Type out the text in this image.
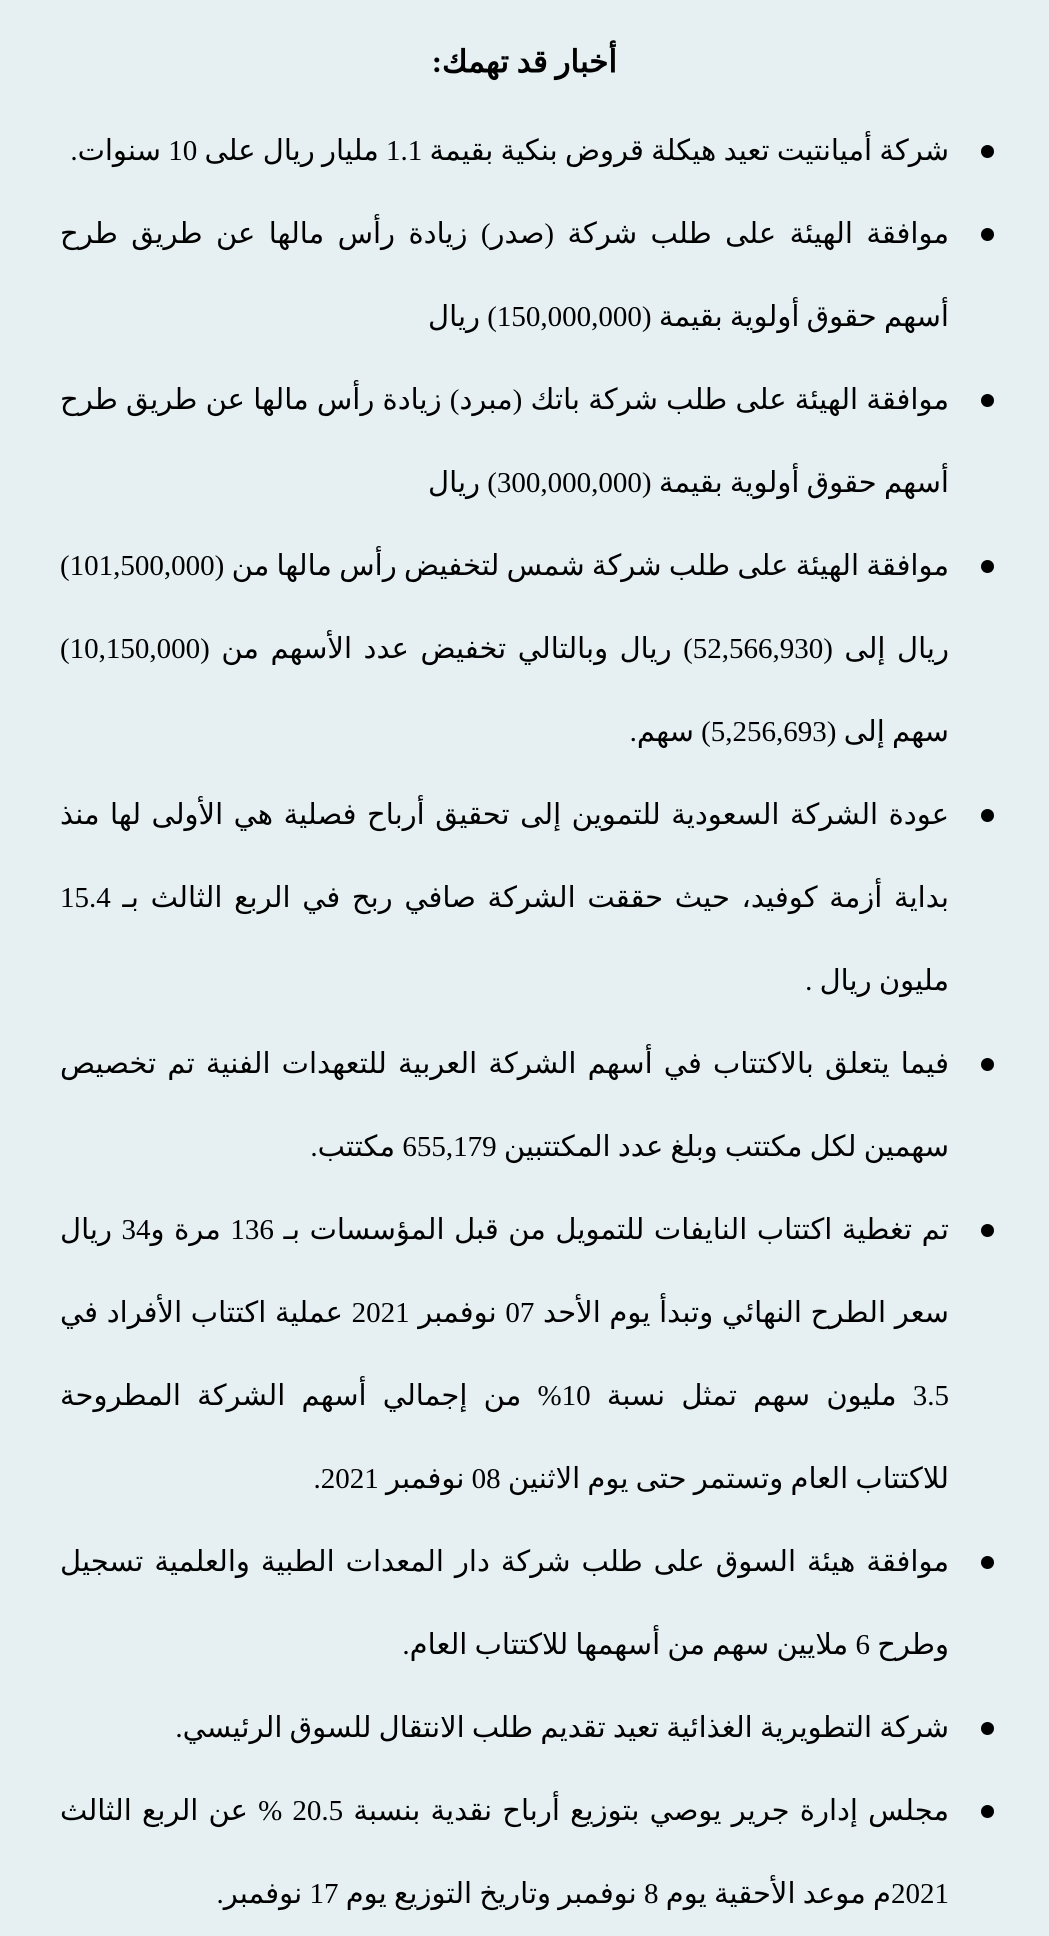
أخبار قد تهمك:
شركة أميانتيت تعيد هيكلة قروض بنكية بقيمة 1.1 مليار ريال على 10 سنوات.
موافقة الهيئة على طلب شركة (صدر) زيادة رأس مالها عن طريق طرح أسهم حقوق أولوية بقيمة (150,000,000) ريال
موافقة الهيئة على طلب شركة باتك (مبرد) زيادة رأس مالها عن طريق طرح أسهم حقوق أولوية بقيمة (300,000,000) ريال
موافقة الهيئة على طلب شركة شمس لتخفيض رأس مالها من (101,500,000) ريال إلى (52,566,930) ريال وبالتالي تخفيض عدد الأسهم من (10,150,000) سهم إلى (5,256,693) سهم.
عودة الشركة السعودية للتموين إلى تحقيق أرباح فصلية هي الأولى لها منذ بداية أزمة كوفيد، حيث حققت الشركة صافي ربح في الربع الثالث بـ 15.4 مليون ريال .
فيما يتعلق بالاكتتاب في أسهم الشركة العربية للتعهدات الفنية تم تخصيص سهمين لكل مكتتب وبلغ عدد المكتتبين 655,179 مكتتب.
تم تغطية اكتتاب النايفات للتمويل من قبل المؤسسات بـ 136 مرة و34 ريال سعر الطرح النهائي وتبدأ يوم الأحد 07 نوفمبر 2021 عملية اكتتاب الأفراد في 3.5 مليون سهم تمثل نسبة 10% من إجمالي أسهم الشركة المطروحة للاكتتاب العام وتستمر حتى يوم الاثنين 08 نوفمبر 2021.
موافقة هيئة السوق على طلب شركة دار المعدات الطبية والعلمية تسجيل وطرح 6 ملايين سهم من أسهمها للاكتتاب العام.
شركة التطويرية الغذائية تعيد تقديم طلب الانتقال للسوق الرئيسي.
مجلس إدارة جرير يوصي بتوزيع أرباح نقدية بنسبة 20.5 % عن الربع الثالث 2021م موعد الأحقية يوم 8 نوفمبر وتاريخ التوزيع يوم 17 نوفمبر.
